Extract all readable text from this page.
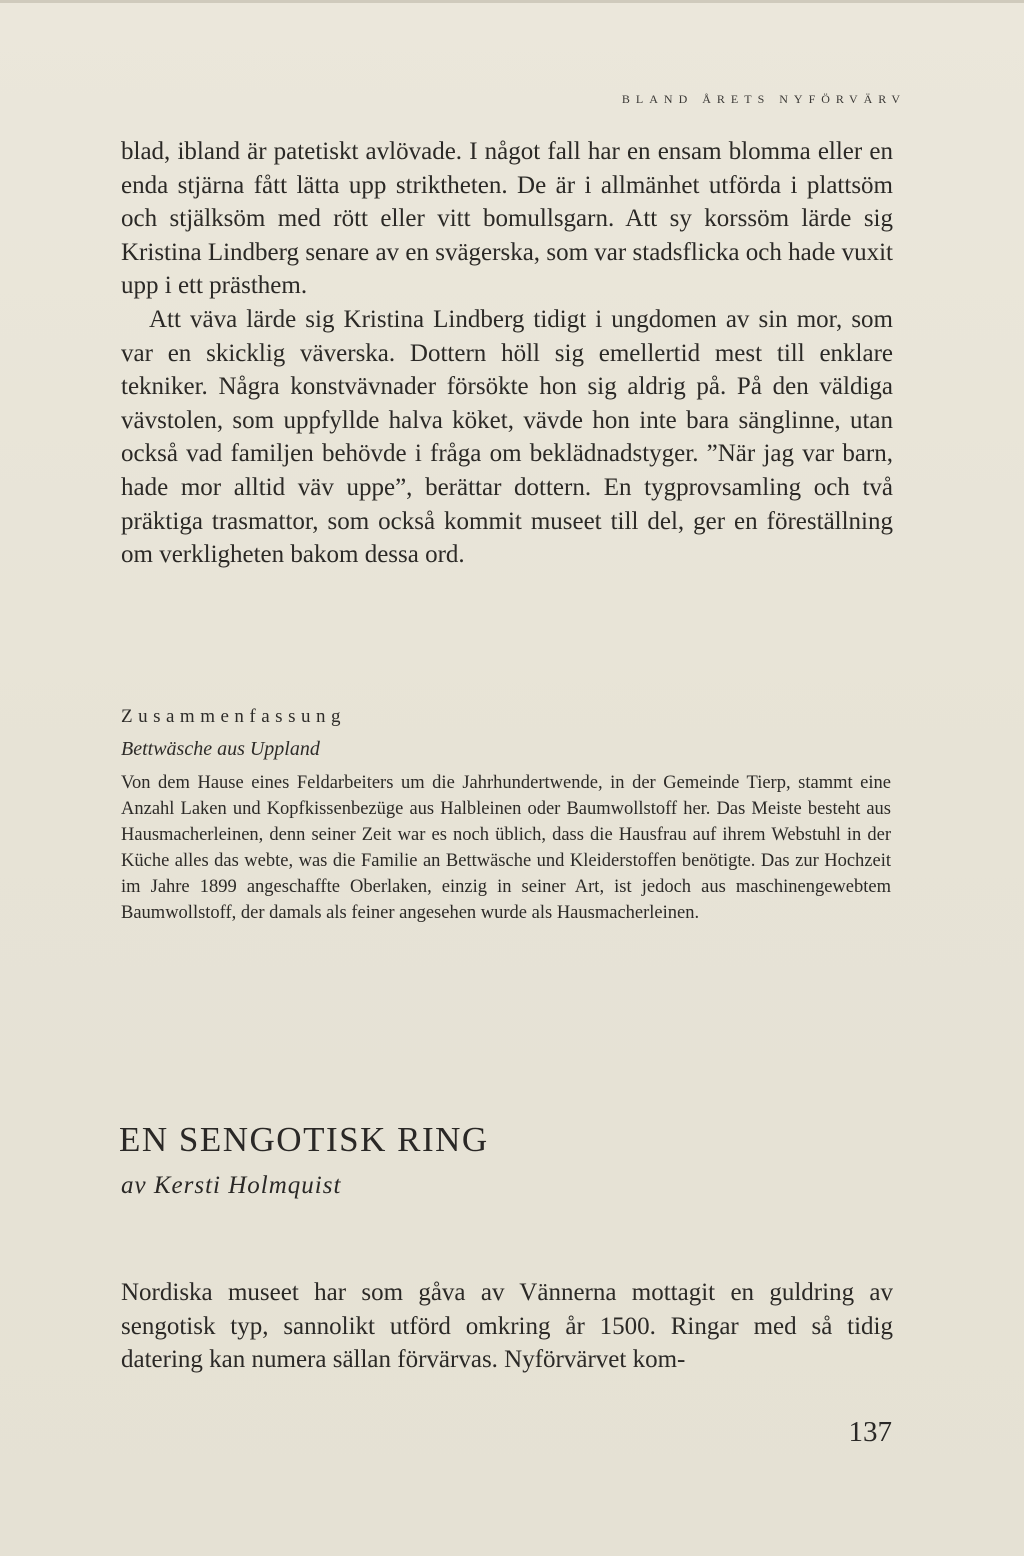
BLAND ÅRETS NYFÖRVÄRV

blad, ibland är patetiskt avlövade. I något fall har en ensam blomma eller en enda stjärna fått lätta upp striktheten. De är i allmänhet utförda i plattsöm och stjälksöm med rött eller vitt bomullsgarn. Att sy korssöm lärde sig Kristina Lindberg senare av en svägerska, som var stadsflicka och hade vuxit upp i ett prästhem.

Att väva lärde sig Kristina Lindberg tidigt i ungdomen av sin mor, som var en skicklig väverska. Dottern höll sig emellertid mest till enklare tekniker. Några konstvävnader försökte hon sig aldrig på. På den väldiga vävstolen, som uppfyllde halva köket, vävde hon inte bara sänglinne, utan också vad familjen behövde i fråga om beklädnadstyger. ”När jag var barn, hade mor alltid väv uppe”, berättar dottern. En tygprovsamling och två präktiga trasmattor, som också kommit museet till del, ger en föreställning om verkligheten bakom dessa ord.

Zusammenfassung
Bettwäsche aus Uppland
Von dem Hause eines Feldarbeiters um die Jahrhundertwende, in der Gemeinde Tierp, stammt eine Anzahl Laken und Kopfkissenbezüge aus Halbleinen oder Baumwollstoff her. Das Meiste besteht aus Hausmacherleinen, denn seiner Zeit war es noch üblich, dass die Hausfrau auf ihrem Webstuhl in der Küche alles das webte, was die Familie an Bettwäsche und Kleiderstoffen benötigte. Das zur Hochzeit im Jahre 1899 angeschaffte Oberlaken, einzig in seiner Art, ist jedoch aus maschinengewebtem Baumwollstoff, der damals als feiner angesehen wurde als Hausmacherleinen.
EN SENGOTISK RING
av Kersti Holmquist

Nordiska museet har som gåva av Vännerna mottagit en guldring av sengotisk typ, sannolikt utförd omkring år 1500. Ringar med så tidig datering kan numera sällan förvärvas. Nyförvärvet kom-

137
